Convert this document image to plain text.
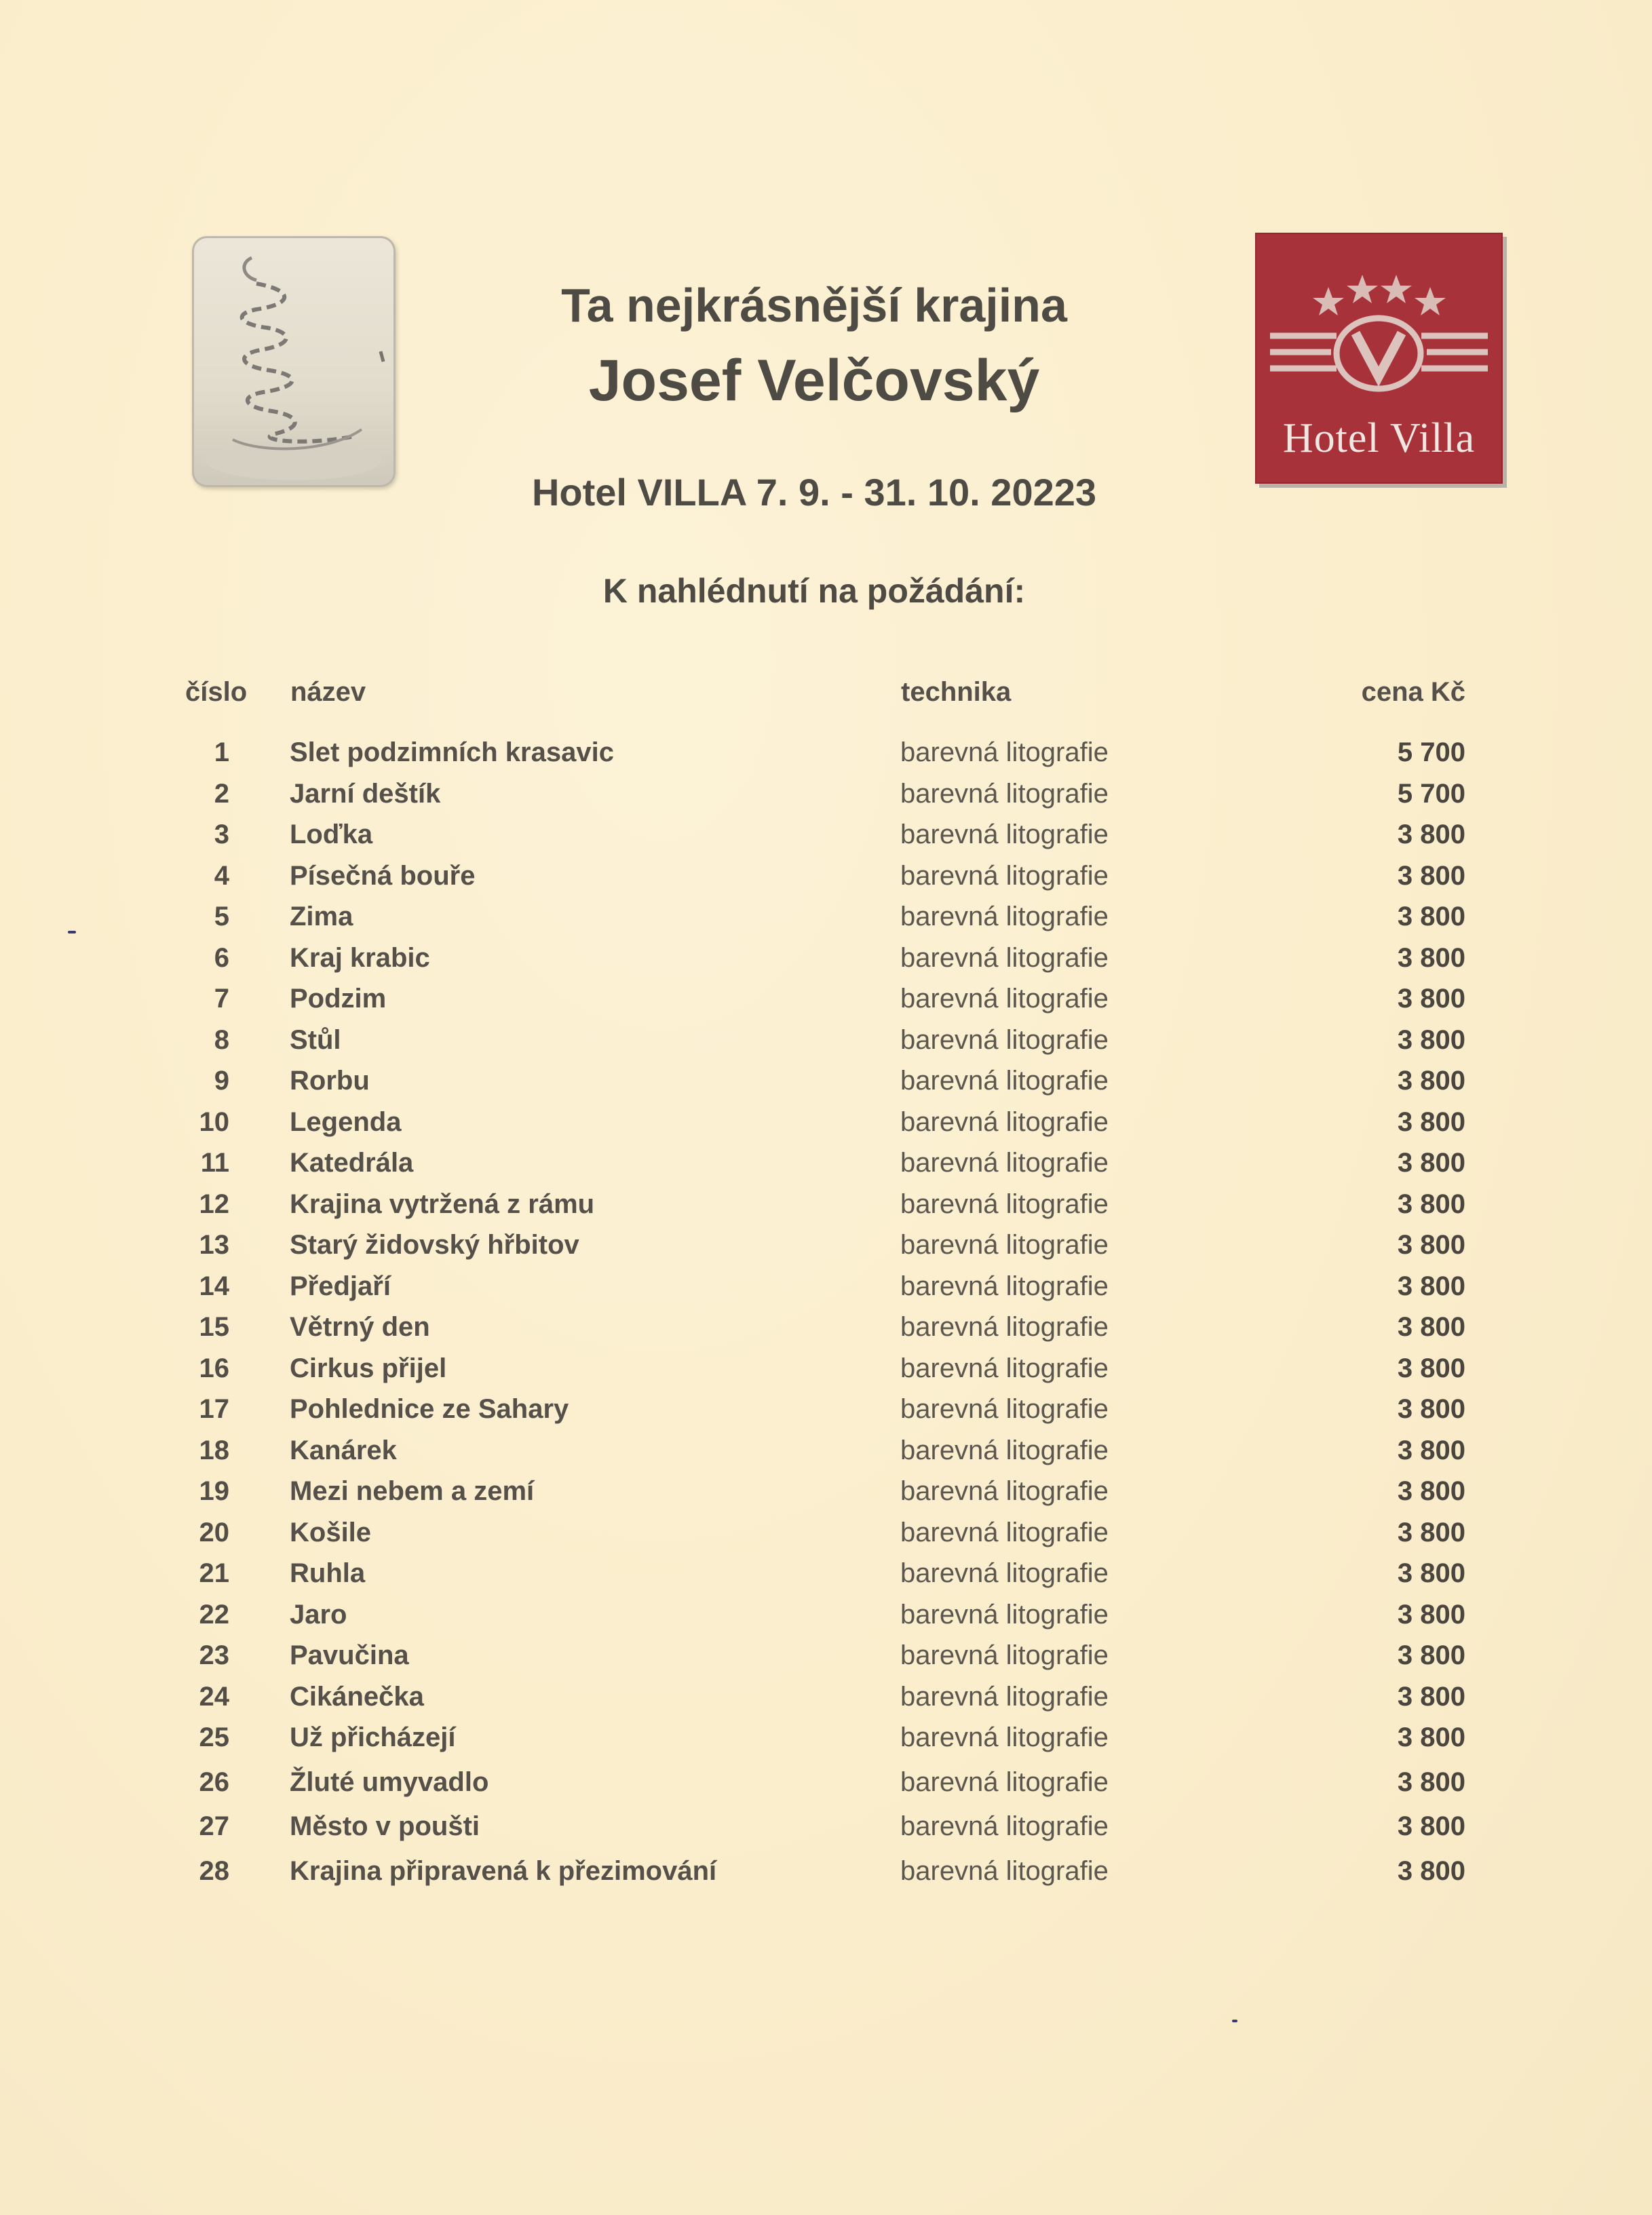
Hotel Villa
Ta nejkrásnější krajina
Josef Velčovský
Hotel VILLA 7. 9. - 31. 10. 20223
K nahlédnutí na požádání:
číslo název	technika	cena Kč
1 Slet podzimních krasavic	barevná litografie	5 700
2 Jarní deštík	barevná litografie	5 700
3 Loďka	barevná litografie	3 800
4 Písečná bouře	barevná litografie	3 800
5 Zima	barevná litografie	3 800
6 Kraj krabic	barevná litografie	3 800
7 Podzim	barevná litografie	3 800
8 Stůl	barevná litografie	3 800
9 Rorbu	barevná litografie	3 800
10 Legenda	barevná litografie	3 800
11 Katedrála	barevná litografie	3 800
12 Krajina vytržená z rámu	barevná litografie	3 800
13 Starý židovský hřbitov	barevná litografie	3 800
14 Předjaří	barevná litografie	3 800
15 Větrný den	barevná litografie	3 800
16 Cirkus přijel	barevná litografie	3 800
17 Pohlednice ze Sahary	barevná litografie	3 800
18 Kanárek	barevná litografie	3 800
19 Mezi nebem a zemí	barevná litografie	3 800
20 Košile	barevná litografie	3 800
21 Ruhla	barevná litografie	3 800
22 Jaro	barevná litografie	3 800
23 Pavučina	barevná litografie	3 800
24 Cikánečka	barevná litografie	3 800
25 Už přicházejí	barevná litografie	3 800
26 Žluté umyvadlo	barevná litografie	3 800
27 Město v poušti	barevná litografie	3 800
28 Krajina připravená k přezimování	barevná litografie	3 800
